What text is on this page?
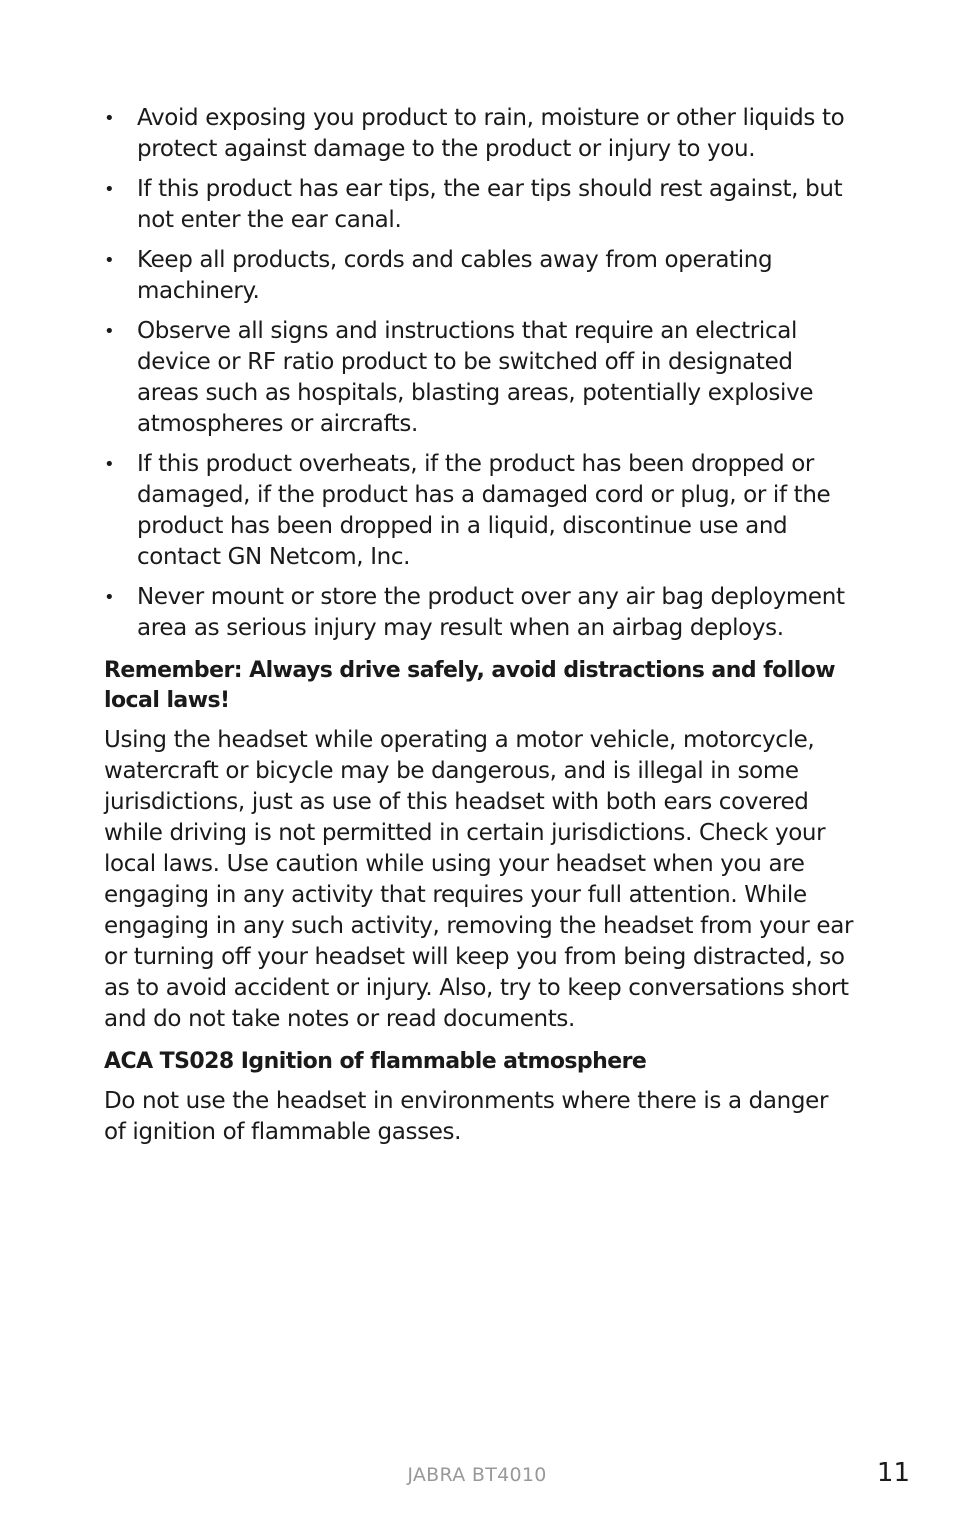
• Avoid exposing you product to rain, moisture or other liquids to protect against damage to the product or injury to you.
• If this product has ear tips, the ear tips should rest against, but not enter the ear canal.
• Keep all products, cords and cables away from operating machinery.
• Observe all signs and instructions that require an electrical device or RF ratio product to be switched off in designated areas such as hospitals, blasting areas, potentially explosive atmospheres or aircrafts.
• If this product overheats, if the product has been dropped or damaged, if the product has a damaged cord or plug, or if the product has been dropped in a liquid, discontinue use and contact GN Netcom, Inc.
• Never mount or store the product over any air bag deployment area as serious injury may result when an airbag deploys.
Remember: Always drive safely, avoid distractions and follow local laws!

Using the headset while operating a motor vehicle, motorcycle, watercraft or bicycle may be dangerous, and is illegal in some jurisdictions, just as use of this headset with both ears covered while driving is not permitted in certain jurisdictions. Check your local laws. Use caution while using your headset when you are engaging in any activity that requires your full attention. While engaging in any such activity, removing the headset from your ear or turning off your headset will keep you from being distracted, so as to avoid accident or injury. Also, try to keep conversations short and do not take notes or read documents.

ACA TS028 Ignition of flammable atmosphere

Do not use the headset in environments where there is a danger of ignition of flammable gasses.

JABRA BT4010	11
